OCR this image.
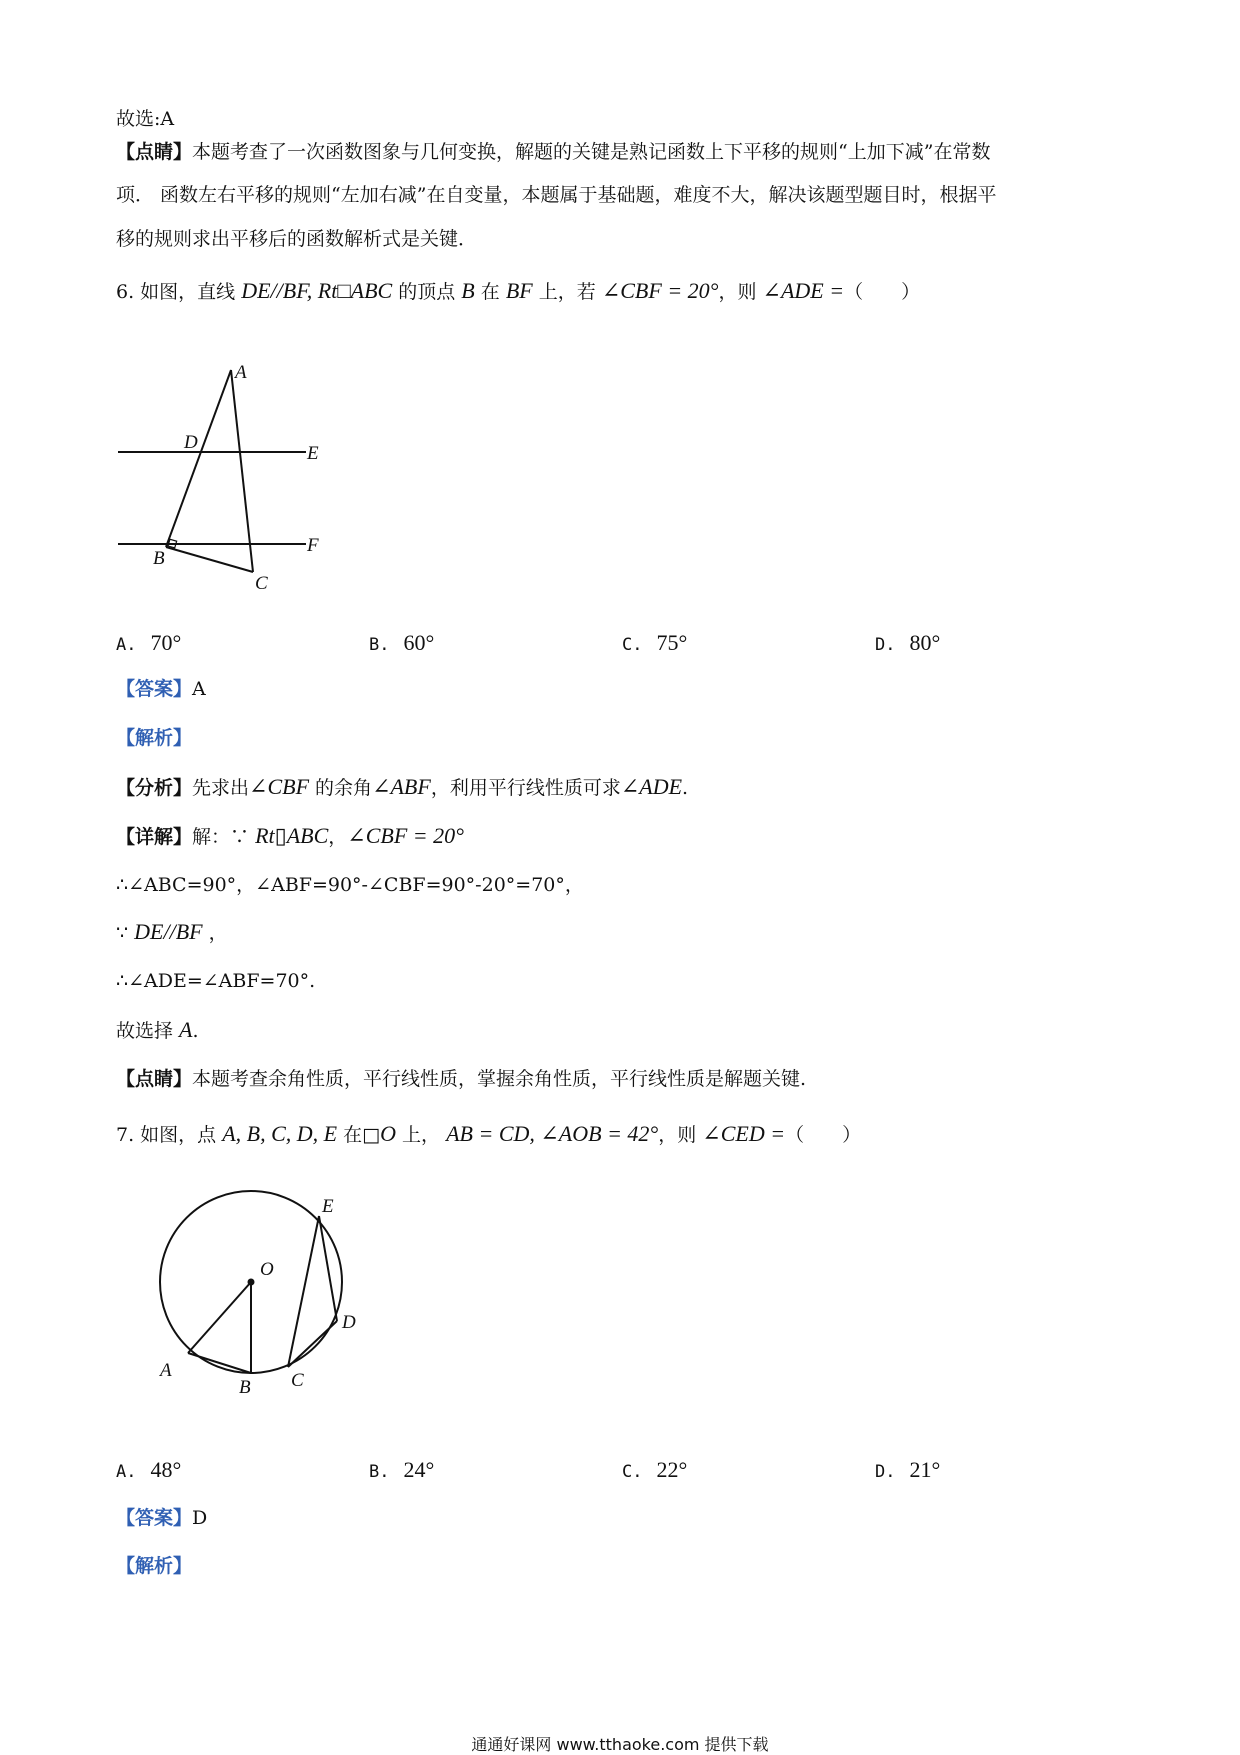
故选:A
【点睛】本题考查了一次函数图象与几何变换，解题的关键是熟记函数上下平移的规则“上加下减”在常数
项． 函数左右平移的规则“左加右减”在自变量，本题属于基础题，难度不大，解决该题型题目时，根据平
移的规则求出平移后的函数解析式是关键．
6. 如图，直线 DE//BF, Rt□ABC 的顶点 B 在 BF 上，若 ∠CBF = 20°，则 ∠ADE =（　　）
A
D
E
B
F
C
A. 70°	B. 60°	C. 75°	D. 80°
【答案】A
【解析】
【分析】先求出∠CBF 的余角∠ABF，利用平行线性质可求∠ADE.
【详解】解：∵ Rt▯ABC，∠CBF = 20°
∴∠ABC=90°，∠ABF=90°-∠CBF=90°-20°=70°，
∵ DE//BF ，
∴∠ADE=∠ABF=70°.
故选择 A.
【点睛】本题考查余角性质，平行线性质，掌握余角性质，平行线性质是解题关键.
7. 如图，点 A, B, C, D, E 在□O 上， AB = CD, ∠AOB = 42°，则 ∠CED =（　　）
O
E
D
A
B C
A. 48°	B. 24°	C. 22°	D. 21°
【答案】D
【解析】
通通好课网 www.tthaoke.com 提供下载
